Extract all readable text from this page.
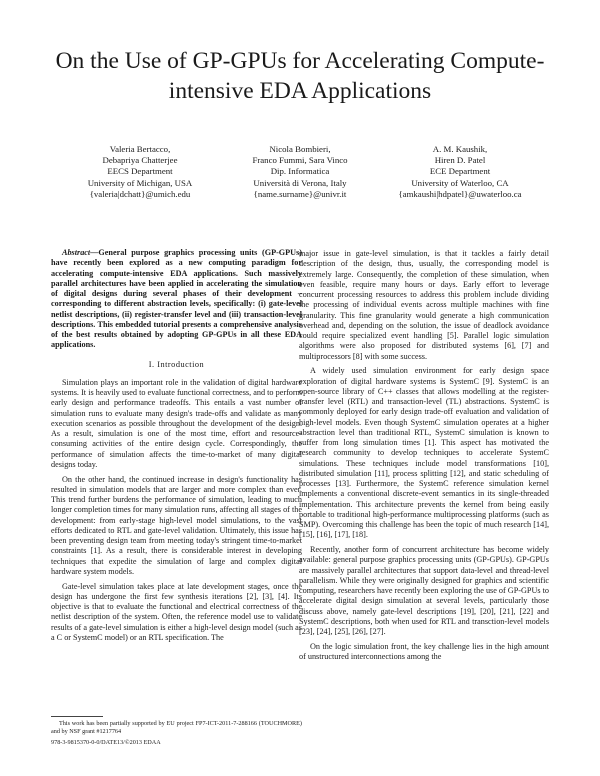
On the Use of GP-GPUs for Accelerating Compute-intensive EDA Applications
Valeria Bertacco,
Debapriya Chatterjee
EECS Department
University of Michigan, USA
{valeria|dchatt}@umich.edu
Nicola Bombieri,
Franco Fummi, Sara Vinco
Dip. Informatica
Università di Verona, Italy
{name.surname}@univr.it
A. M. Kaushik,
Hiren D. Patel
ECE Department
University of Waterloo, CA
{amkaushi|hdpatel}@uwaterloo.ca

Abstract—General purpose graphics processing units (GP-GPUs) have recently been explored as a new computing paradigm for accelerating compute-intensive EDA applications. Such massively parallel architectures have been applied in accelerating the simulation of digital designs during several phases of their development – corresponding to different abstraction levels, specifically: (i) gate-level netlist descriptions, (ii) register-transfer level and (iii) transaction-level descriptions. This embedded tutorial presents a comprehensive analysis of the best results obtained by adopting GP-GPUs in all these EDA applications.

I. Introduction

Simulation plays an important role in the validation of digital hardware systems. It is heavily used to evaluate functional correctness, and to perform early design and performance tradeoffs. This entails a vast number of simulation runs to evaluate many design's trade-offs and validate as many execution scenarios as possible throughout the development of the design. As a result, simulation is one of the most time, effort and resource-consuming activities of the entire design cycle. Correspondingly, the performance of simulation affects the time-to-market of many digital designs today.

On the other hand, the continued increase in design's functionality has resulted in simulation models that are larger and more complex than ever. This trend further burdens the performance of simulation, leading to much longer completion times for many simulation runs, affecting all stages of the development: from early-stage high-level model simulations, to the vast efforts dedicated to RTL and gate-level validation. Ultimately, this issue has been preventing design team from meeting today's stringent time-to-market constraints [1]. As a result, there is considerable interest in developing techniques that expedite the simulation of large and complex digital hardware system models.

Gate-level simulation takes place at late development stages, once the design has undergone the first few synthesis iterations [2], [3], [4]. Its objective is that to evaluate the functional and electrical correctness of the netlist description of the system. Often, the reference model use to validate results of a gate-level simulation is either a high-level design model (such as a C or SystemC model) or an RTL specification. The

major issue in gate-level simulation, is that it tackles a fairly detail description of the design, thus, usually, the corresponding model is extremely large. Consequently, the completion of these simulation, when even feasible, require many hours or days. Early effort to leverage concurrent processing resources to address this problem include dividing the processing of individual events across multiple machines with fine granularity. This fine granularity would generate a high communication overhead and, depending on the solution, the issue of deadlock avoidance could require specialized event handling [5]. Parallel logic simulation algorithms were also proposed for distributed systems [6], [7] and multiprocessors [8] with some success.

A widely used simulation environment for early design space exploration of digital hardware systems is SystemC [9]. SystemC is an open-source library of C++ classes that allows modelling at the register-transfer level (RTL) and transaction-level (TL) abstractions. SystemC is commonly deployed for early design trade-off evaluation and validation of high-level models. Even though SystemC simulation operates at a higher abstraction level than traditional RTL, SystemC simulation is known to suffer from long simulation times [1]. This aspect has motivated the research community to develop techniques to accelerate SystemC simulations. These techniques include model transformations [10], distributed simulation [11], process splitting [12], and static scheduling of processes [13]. Furthermore, the SystemC reference simulation kernel implements a conventional discrete-event semantics in its single-threaded implementation. This architecture prevents the kernel from being easily portable to traditional high-performance multiprocessing platforms (such as SMP). Overcoming this challenge has been the topic of much research [14], [15], [16], [17], [18].

Recently, another form of concurrent architecture has become widely available: general purpose graphics processing units (GP-GPUs). GP-GPUs are massively parallel architectures that support data-level and thread-level parallelism. While they were originally designed for graphics and scientific computing, researchers have recently been exploring the use of GP-GPUs to accelerate digital design simulation at several levels, particularly those discuss above, namely gate-level descriptions [19], [20], [21], [22] and SystemC descriptions, both when used for RTL and transction-level models [23], [24], [25], [26], [27].

On the logic simulation front, the key challenge lies in the high amount of unstructured interconnections among the

This work has been partially supported by EU project FP7-ICT-2011-7-288166 (TOUCHMORE) and by NSF grant #1217764
978-3-9815370-0-0/DATE13/©2013 EDAA
